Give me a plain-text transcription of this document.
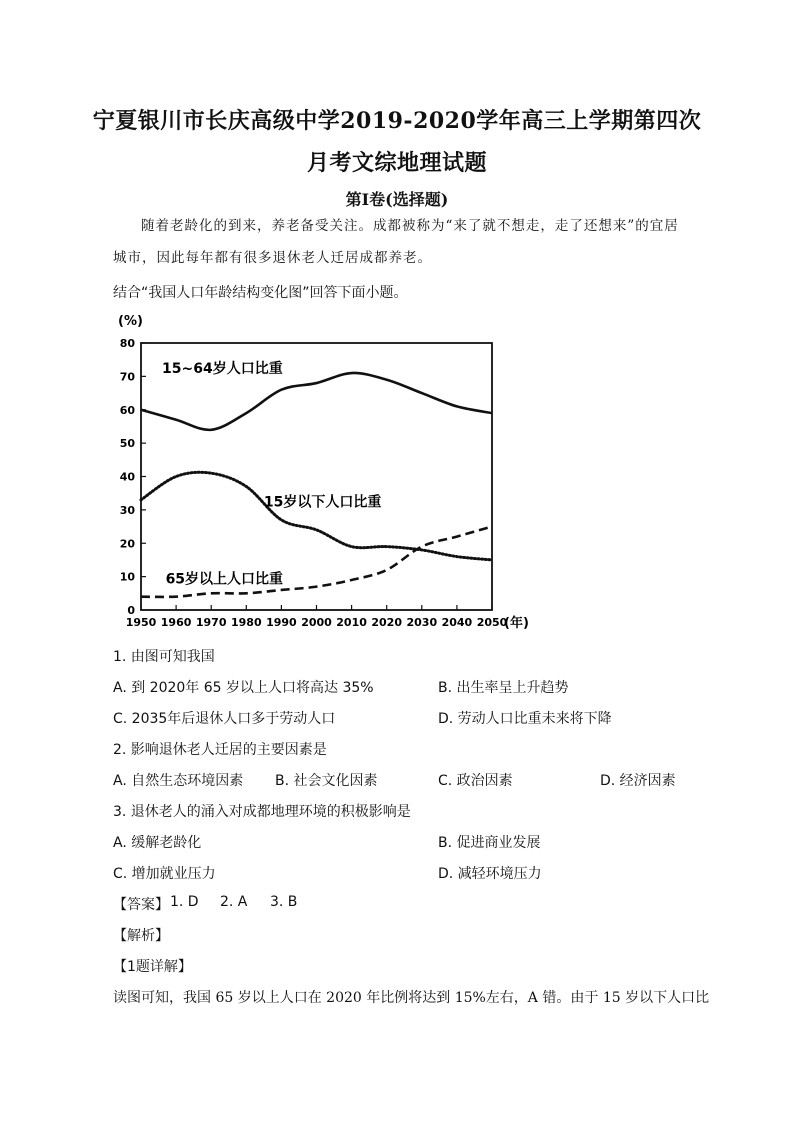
宁夏银川市长庆高级中学2019-2020学年高三上学期第四次
月考文综地理试题
第Ⅰ卷(选择题)
随着老龄化的到来，养老备受关注。成都被称为“来了就不想走，走了还想来”的宜居
城市，因此每年都有很多退休老人迁居成都养老。
结合“我国人口年龄结构变化图”回答下面小题。
0
10
20
30
40
50
60
70
80
1950 1960 1970 1980 1990 2000 2010 2020 2030 2040 2050
(%)
(年)
15~64岁人口比重
15岁以下人口比重
65岁以上人口比重
1. 由图可知我国
A. 到 2020年 65 岁以上人口将高达 35%	B. 出生率呈上升趋势
C. 2035年后退休人口多于劳动人口	D. 劳动人口比重未来将下降
2. 影响退休老人迁居的主要因素是
A. 自然生态环境因素 B. 社会文化因素	C. 政治因素	D. 经济因素
3. 退休老人的涌入对成都地理环境的积极影响是
A. 缓解老龄化	B. 促进商业发展
C. 增加就业压力	D. 减轻环境压力
【答案】 1. D 2. A 3. B
【解析】
【1题详解】
读图可知，我国 65 岁以上人口在 2020 年比例将达到 15%左右，A 错。由于 15 岁以下人口比
